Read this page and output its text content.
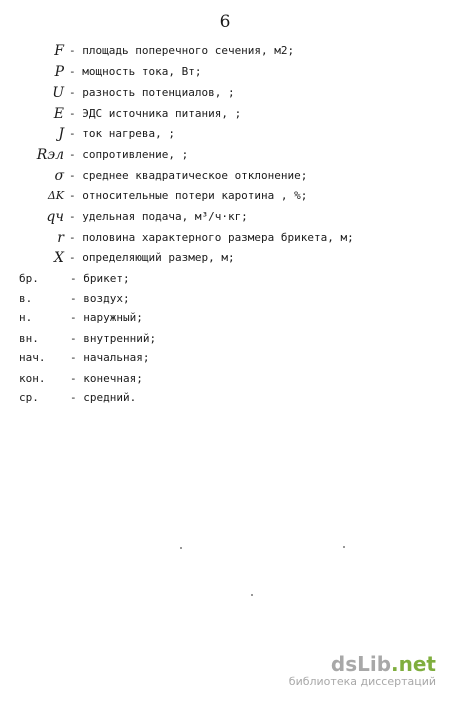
6
F - площадь поперечного сечения, м2;
P - мощность тока, Вт;
U - разность потенциалов, ;
E - ЭДС источника питания, ;
J - ток нагрева, ;
Rэл - сопротивление, ;
σ - среднее квадратическое отклонение;
ΔK - относительные потери каротина , %;
qч - удельная подача, м³/ч·кг;
r - половина характерного размера брикета, м;
X - определяющий размер, м;
бр.	- брикет;
в.	- воздух;
н.	- наружный;
вн.	- внутренний;
нач. - начальная;
кон. - конечная;
ср.	- средний.
dsLib.net
библиотека диссертаций
